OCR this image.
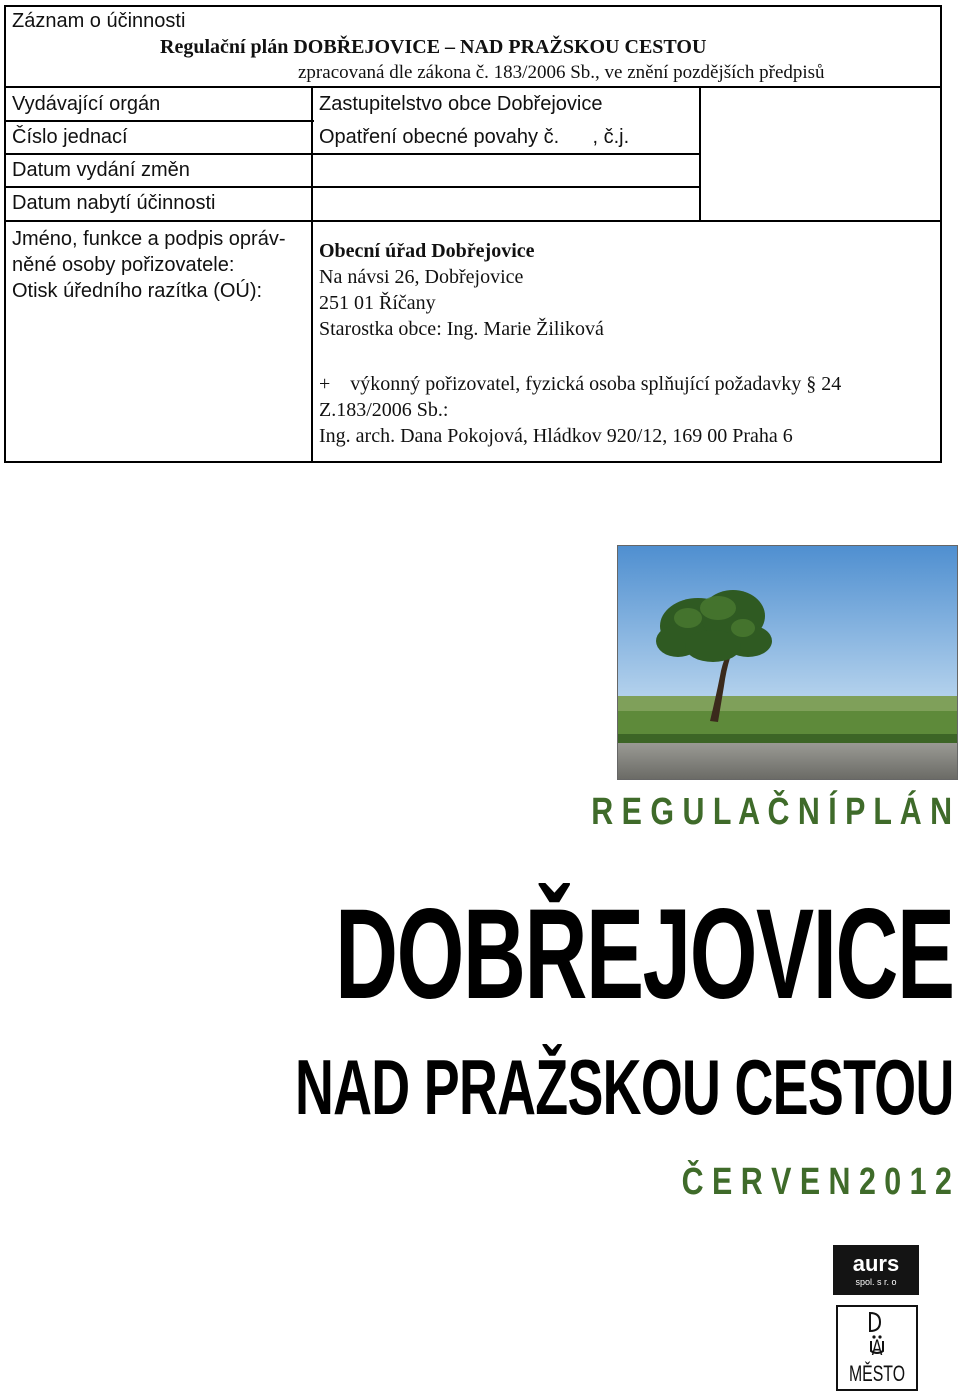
Záznam o účinnosti
Regulační plán DOBŘEJOVICE – NAD PRAŽSKOU CESTOU
zpracovaná dle zákona č. 183/2006 Sb., ve znění pozdějších předpisů
Vydávající orgán	Zastupitelstvo obce Dobřejovice
Číslo jednací	Opatření obecné povahy č.      , č.j.
Datum vydání změn
Datum nabytí účinnosti
Jméno, funkce a podpis opráv-
něné osoby pořizovatele:
Otisk úředního razítka (OÚ):
Obecní úřad Dobřejovice
Na návsi 26, Dobřejovice
251 01 Říčany
Starostka obce: Ing. Marie Žiliková
+    výkonný pořizovatel, fyzická osoba splňující požadavky § 24
Z.183/2006 Sb.:
Ing. arch. Dana Pokojová, Hládkov 920/12, 169 00 Praha 6
R E G U L A Č N Í P L Á N
DOBŘEJOVICE
NAD PRAŽSKOU CESTOU
Č E R V E N 2 0 1 2
aurs
spol. s r. o
A MĚSTO
